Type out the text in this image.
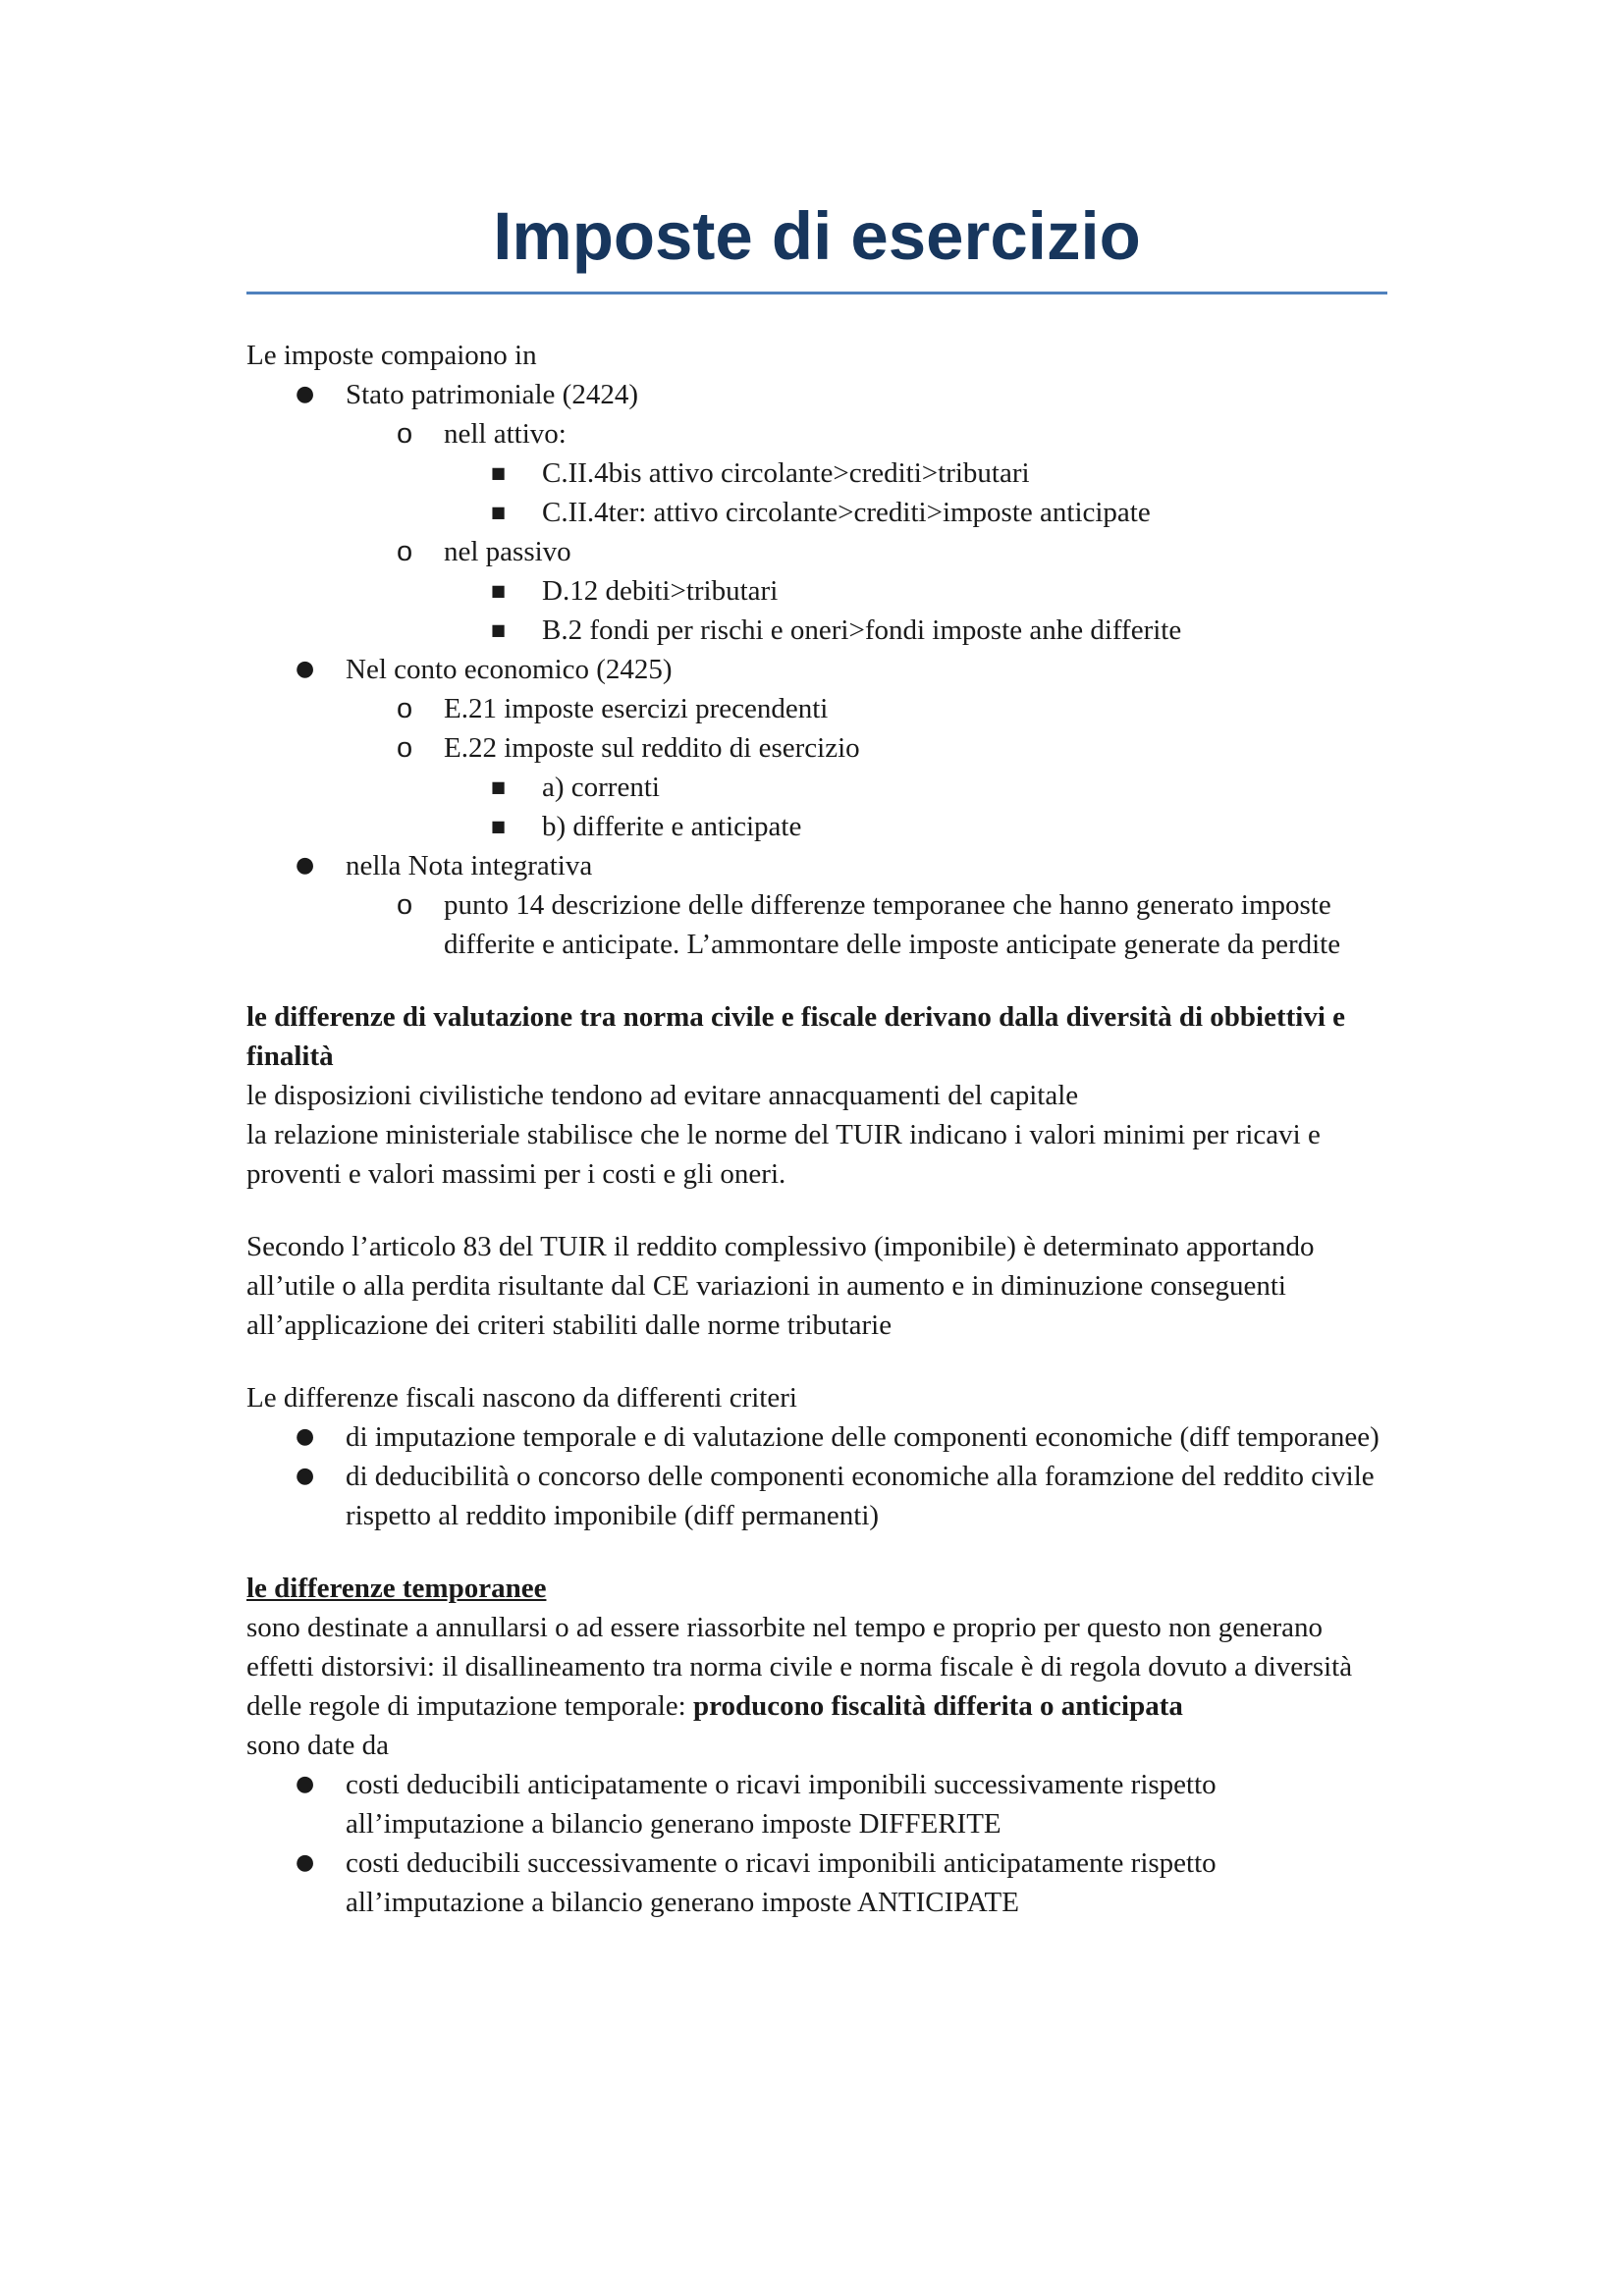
Imposte di esercizio

Le imposte compaiono in

● Stato patrimoniale (2424)
o nell attivo:
■ C.II.4bis attivo circolante>crediti>tributari
■ C.II.4ter: attivo circolante>crediti>imposte anticipate
o nel passivo
■ D.12 debiti>tributari
■ B.2 fondi per rischi e oneri>fondi imposte anhe differite
● Nel conto economico (2425)
o E.21 imposte esercizi precendenti
o E.22 imposte sul reddito di esercizio
■ a) correnti
■ b) differite e anticipate
● nella Nota integrativa
o punto 14 descrizione delle differenze temporanee che hanno generato imposte differite e anticipate. L’ammontare delle imposte anticipate generate da perdite

le differenze di valutazione tra norma civile e fiscale derivano dalla diversità di obbiettivi e finalità

le disposizioni civilistiche tendono ad evitare annacquamenti del capitale

la relazione ministeriale stabilisce che le norme del TUIR indicano i valori minimi per ricavi e proventi e valori massimi per i costi e gli oneri.

Secondo l’articolo 83 del TUIR il reddito complessivo (imponibile) è determinato apportando all’utile o alla perdita risultante dal CE variazioni in aumento e in diminuzione conseguenti all’applicazione dei criteri stabiliti dalle norme tributarie

Le differenze fiscali nascono da differenti criteri

● di imputazione temporale e di valutazione delle componenti economiche (diff temporanee)
● di deducibilità o concorso delle componenti economiche alla foramzione del reddito civile rispetto al reddito imponibile (diff permanenti)

le differenze temporanee

sono destinate a annullarsi o ad essere riassorbite nel tempo e proprio per questo non generano effetti distorsivi: il disallineamento tra norma civile e norma fiscale è di regola dovuto a diversità delle regole di imputazione temporale: producono fiscalità differita o anticipata

sono date da

● costi deducibili anticipatamente o ricavi imponibili successivamente rispetto all’imputazione a bilancio generano imposte DIFFERITE
● costi deducibili successivamente o ricavi imponibili anticipatamente rispetto all’imputazione a bilancio generano imposte ANTICIPATE
